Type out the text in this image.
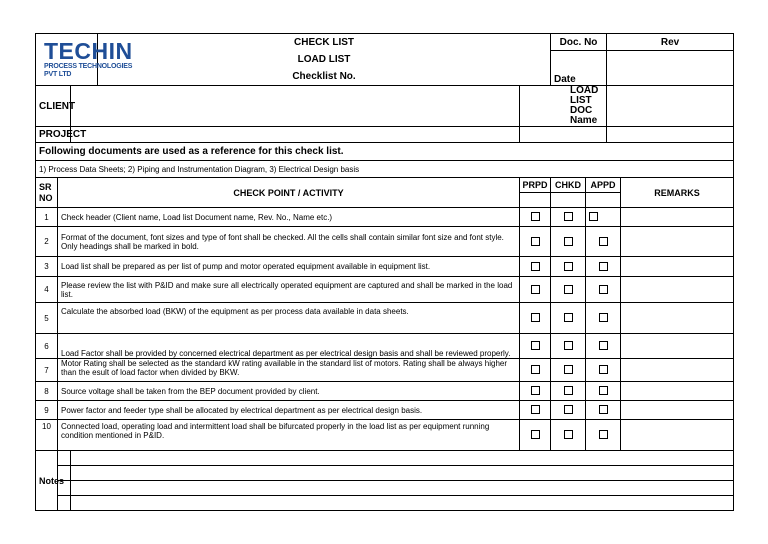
TECHIN
PROCESS TECHNOLOGIES PVT LTD			CHECK LIST		Doc. No		Rev	
			LOAD LIST		Date			
			Checklist No.					
CLIENT				LOAD LIST DOC Name				
PROJECT								
Following documents are used as a reference for this check list.								
1) Process Data Sheets; 2) Piping and Instrumentation Diagram, 3) Electrical Design basis								
SR NO	CHECK POINT / ACTIVITY			PRPD	CHKD	APPD		REMARKS

1	Check header (Client name, Load list Document name, Rev. No., Name etc.)							
2	Format of the document, font sizes and type of font shall be checked. All the cells shall contain similar font size and font style. Only headings shall be marked in bold.							
3	Load list shall be prepared as per list of pump and motor operated equipment available in equipment list.							
4	Please review the list with P&ID and make sure all electrically operated equipment are captured and shall be marked in the load list.							
5	Calculate the absorbed load (BKW) of the equipment as per process data available in data sheets.							
6	Load Factor shall be provided by concerned electrical department as per electrical design basis and shall be reviewed properly.							
7	Motor Rating shall be selected as the standard kW rating available in the standard list of motors. Rating shall be always higher than the esult of load factor when divided by BKW.							
8	Source voltage shall be taken from the BEP document provided by client.							
9	Power factor and feeder type shall be allocated by electrical department as per electrical design basis.							
10	Connected load, operating load and intermittent load shall be bifurcated properly in the load list as per equipment running condition mentioned in P&ID.							
Notes								
